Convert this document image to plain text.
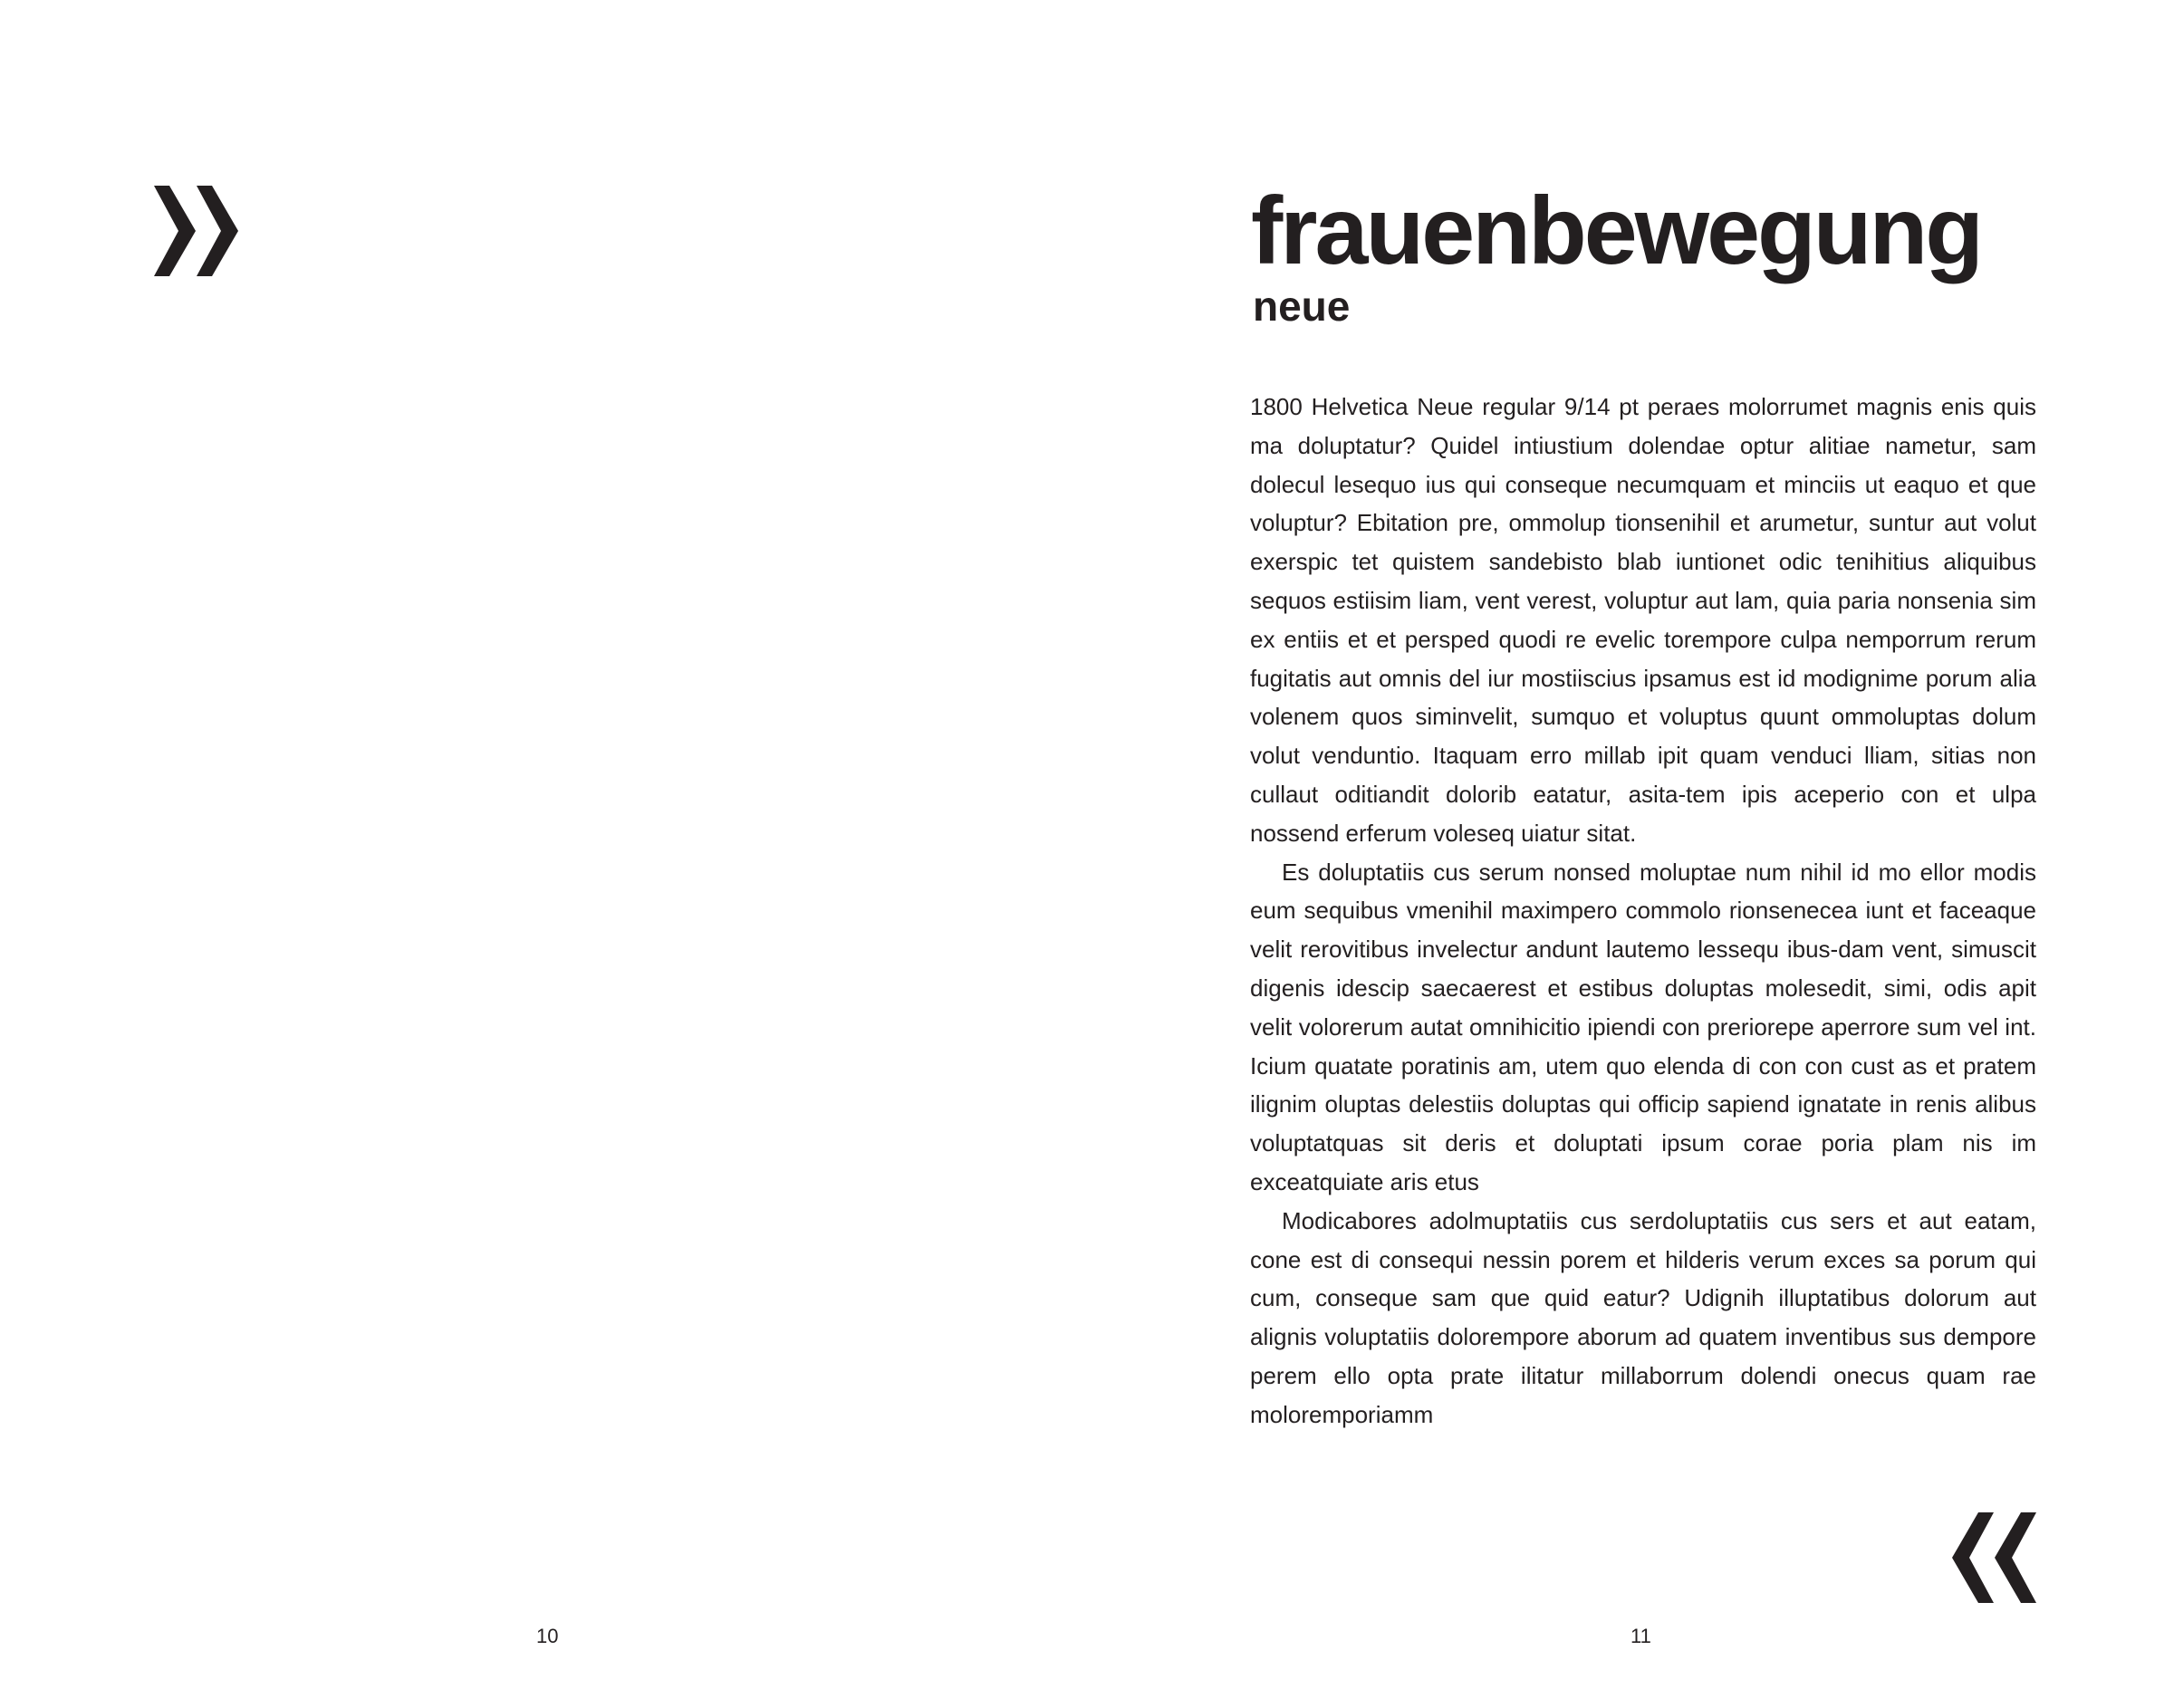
10
frauenbewegung
neue

1800 Helvetica Neue regular 9/14 pt peraes molorrumet magnis enis quis ma doluptatur? Quidel intiustium dolendae optur alitiae nametur, sam dolecul lesequo ius qui conseque necumquam et minciis ut eaquo et que voluptur? Ebitation pre, ommolup tionsenihil et arumetur, suntur aut volut exerspic tet quistem sandebisto blab iuntionet odic tenihitius aliquibus sequos estiisim liam, vent verest, voluptur aut lam, quia paria nonsenia sim ex entiis et et persped quodi re evelic torempore culpa nemporrum rerum fugitatis aut omnis del iur mostiiscius ipsamus est id modignime porum alia volenem quos siminvelit, sumquo et voluptus quunt ommoluptas dolum volut venduntio. Itaquam erro millab ipit quam venduci lliam, sitias non cullaut oditiandit dolorib eatatur, asita-tem ipis aceperio con et ulpa nossend erferum voleseq uiatur sitat.

Es doluptatiis cus serum nonsed moluptae num nihil id mo ellor modis eum sequibus vmenihil maximpero commolo rionsenecea iunt et faceaque velit rerovitibus invelectur andunt lautemo lessequ ibus-dam vent, simuscit digenis idescip saecaerest et estibus doluptas molesedit, simi, odis apit velit volorerum autat omnihicitio ipiendi con preriorepe aperrore sum vel int. Icium quatate poratinis am, utem quo elenda di con con cust as et pratem ilignim oluptas delestiis doluptas qui officip sapiend ignatate in renis alibus voluptatquas sit deris et doluptati ipsum corae poria plam nis im exceatquiate aris etus

Modicabores adolmuptatiis cus serdoluptatiis cus sers et aut eatam, cone est di consequi nessin porem et hilderis verum exces sa porum qui cum, conseque sam que quid eatur? Udignih illuptatibus dolorum aut alignis voluptatiis dolorempore aborum ad quatem inventibus sus dempore perem ello opta prate ilitatur millaborrum dolendi onecus quam rae moloremporiamm

11
